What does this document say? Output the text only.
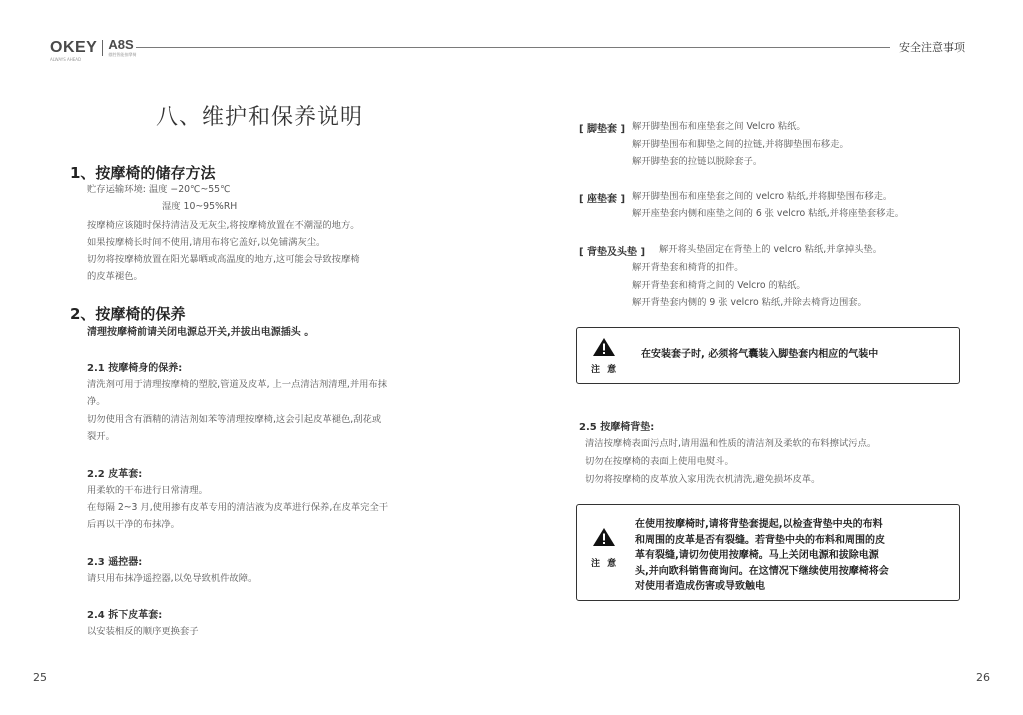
OKEY A8S
傲胜智能按摩椅
ALWAYS AHEAD
安全注意事项
八、维护和保养说明
1、按摩椅的储存方法
贮存运输环境: 温度 −20℃~55℃
湿度 10~95%RH
按摩椅应该随时保持清洁及无灰尘,将按摩椅放置在不潮湿的地方。
如果按摩椅长时间不使用,请用布将它盖好,以免铺满灰尘。
切勿将按摩椅放置在阳光暴晒或高温度的地方,这可能会导致按摩椅
的皮革褪色。
2、按摩椅的保养
清理按摩椅前请关闭电源总开关,并拔出电源插头 。
2.1 按摩椅身的保养:
清洗剂可用于清理按摩椅的塑胶,管道及皮革, 上一点清洁剂清理,并用布抹
净。
切勿使用含有酒精的清洁剂如苯等清理按摩椅,这会引起皮革褪色,刮花或
裂开。
2.2 皮革套:
用柔软的干布进行日常清理。
在每隔 2~3 月,使用掺有皮革专用的清洁液为皮革进行保养,在皮革完全干
后再以干净的布抹净。
2.3 遥控器:
请只用布抹净遥控器,以免导致机件故障。
2.4 拆下皮革套:
以安装相反的顺序更换套子
25
[ 脚垫套 ] 解开脚垫围布和座垫套之间 Velcro 粘纸。
解开脚垫围布和脚垫之间的拉链,并将脚垫围布移走。
解开脚垫套的拉链以脱除套子。
[ 座垫套 ] 解开脚垫围布和座垫套之间的 velcro 粘纸,并将脚垫围布移走。
解开座垫套内侧和座垫之间的 6 张 velcro 粘纸,并将座垫套移走。
[ 背垫及头垫 ] 解开将头垫固定在背垫上的 velcro 粘纸,并拿掉头垫。
解开背垫套和椅背的扣件。
解开背垫套和椅背之间的 Velcro 的粘纸。
解开背垫套内侧的 9 张 velcro 粘纸,并除去椅背边围套。
注 意
在安装套子时, 必须将气囊装入脚垫套内相应的气装中
2.5 按摩椅背垫:
清洁按摩椅表面污点时,请用温和性质的清洁剂及柔软的布料擦试污点。
切勿在按摩椅的表面上使用电熨斗。
切勿将按摩椅的皮革放入家用洗衣机清洗,避免损坏皮革。
注 意
在使用按摩椅时,请将背垫套提起,以检查背垫中央的布料
和周围的皮革是否有裂缝。若背垫中央的布料和周围的皮
革有裂缝,请切勿使用按摩椅。马上关闭电源和拔除电源
头,并向欧科销售商询问。在这情况下继续使用按摩椅将会
对使用者造成伤害或导致触电
26
